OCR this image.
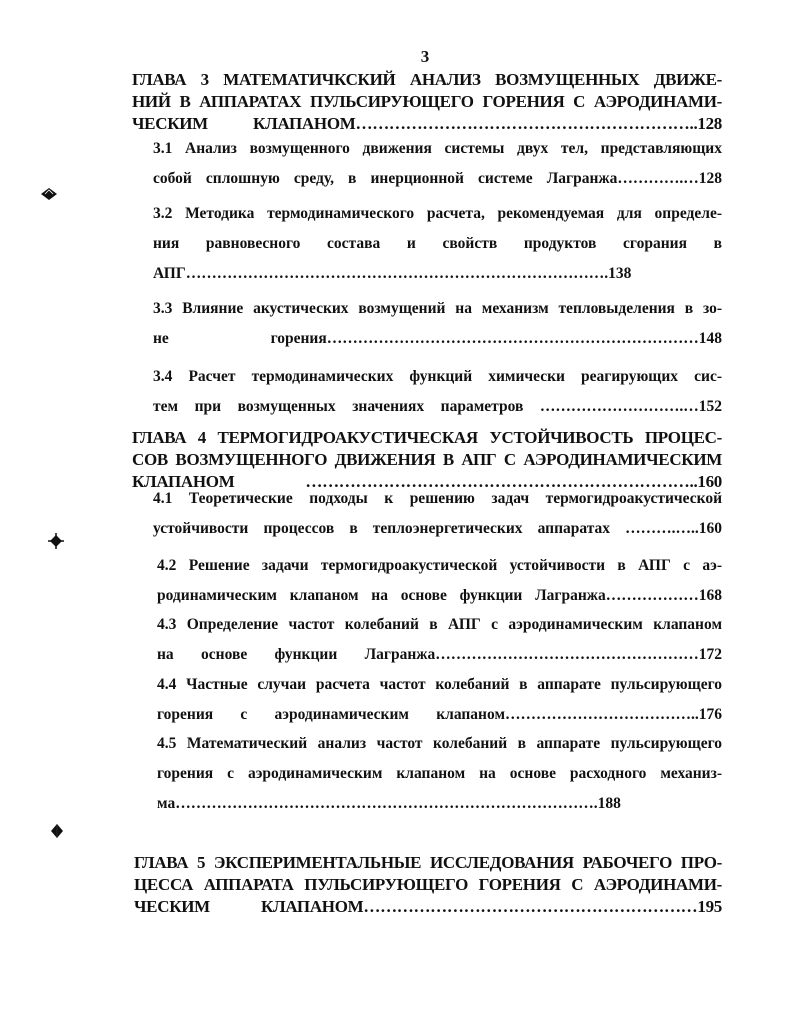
3
ГЛАВА 3 МАТЕМАТИЧКСКИЙ АНАЛИЗ ВОЗМУЩЕННЫХ ДВИЖЕ-
НИЙ В АППАРАТАХ ПУЛЬСИРУЮЩЕГО ГОРЕНИЯ С АЭРОДИНАМИ-
ЧЕСКИМ КЛАПАНОМ……………………………………………………..128
3.1 Анализ возмущенного движения системы двух тел, представляющих
собой сплошную среду, в инерционной системе Лагранжа………….…128
3.2 Методика термодинамического расчета, рекомендуемая для определе-
ния равновесного состава и свойств продуктов сгорания в
АПГ……………………………………………………………………….138
3.3 Влияние акустических возмущений на механизм тепловыделения в зо-
не горения………………………………………………………………148
3.4 Расчет термодинамических функций химически реагирующих сис-
тем при возмущенных значениях параметров ……………………….…152
ГЛАВА 4 ТЕРМОГИДРОАКУСТИЧЕСКАЯ УСТОЙЧИВОСТЬ ПРОЦЕС-
СОВ ВОЗМУЩЕННОГО ДВИЖЕНИЯ В АПГ С АЭРОДИНАМИЧЕСКИМ
КЛАПАНОМ ……………………………………………………………..160
4.1 Теоретические подходы к решению задач термогидроакустической
устойчивости процессов в теплоэнергетических аппаратах ……….…..160
4.2 Решение задачи термогидроакустической устойчивости в АПГ с аэ-
родинамическим клапаном на основе функции Лагранжа………………168
4.3 Определение частот колебаний в АПГ с аэродинамическим клапаном
на основе функции Лагранжа……………………………………………172
4.4 Частные случаи расчета частот колебаний в аппарате пульсирующего
горения с аэродинамическим клапаном………………………………..176
4.5 Математический анализ частот колебаний в аппарате пульсирующего
горения с аэродинамическим клапаном на основе расходного механиз-
ма……………………………………………………………………….188
ГЛАВА 5 ЭКСПЕРИМЕНТАЛЬНЫЕ ИССЛЕДОВАНИЯ РАБОЧЕГО ПРО-
ЦЕССА АППАРАТА ПУЛЬСИРУЮЩЕГО ГОРЕНИЯ С АЭРОДИНАМИ-
ЧЕСКИМ КЛАПАНОМ……………………………………………………195
